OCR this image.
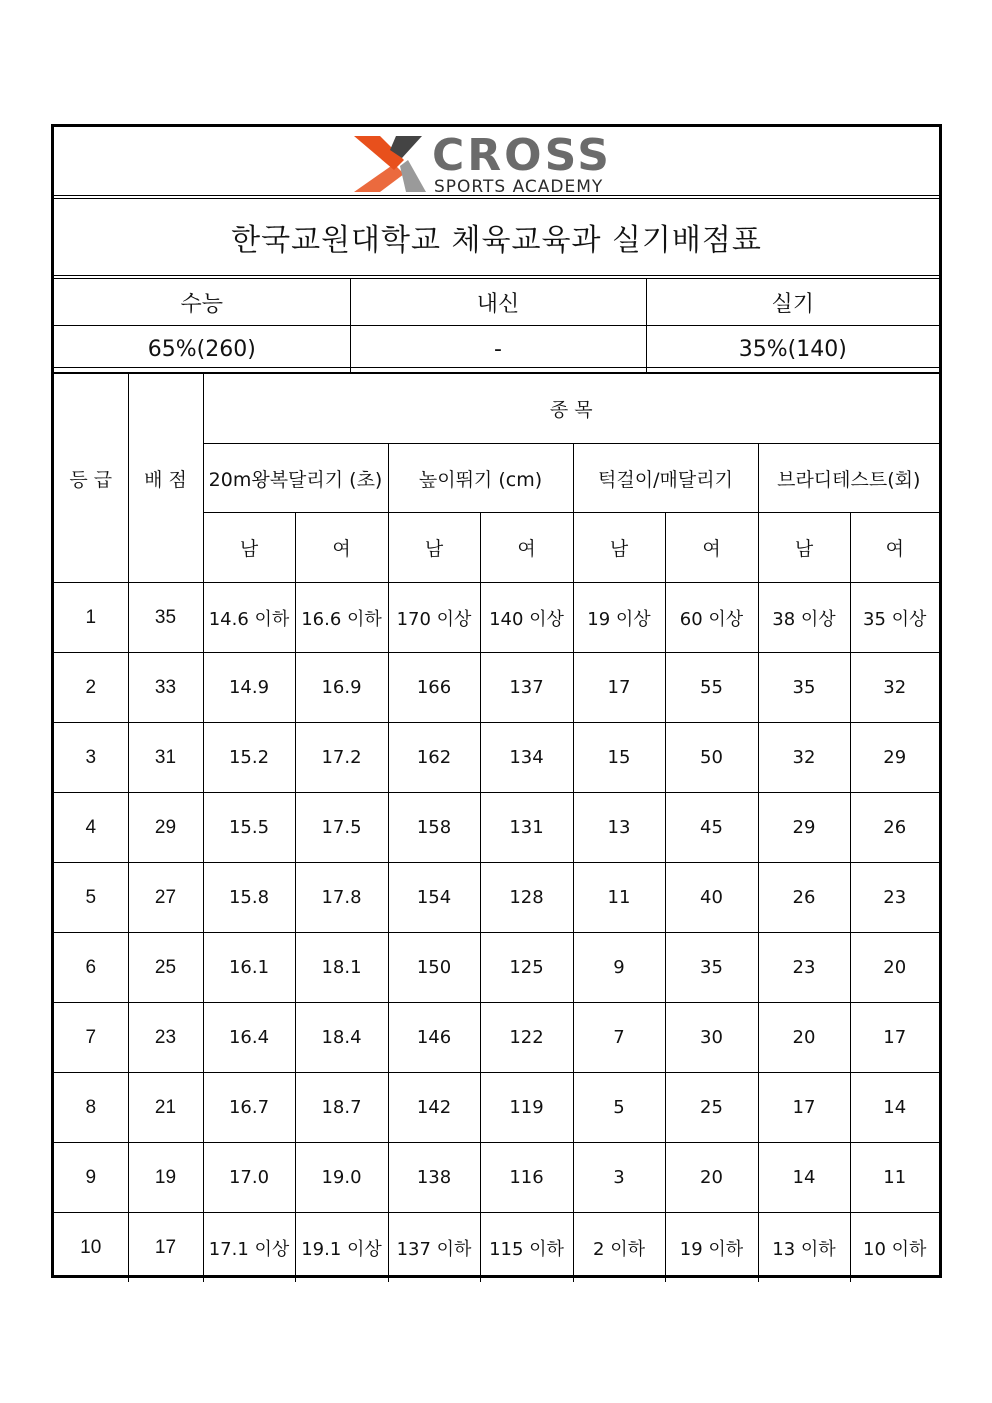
CROSS
SPORTS ACADEMY
한국교원대학교 체육교육과 실기배점표
수능	내신	실기
65%(260)	-	35%(140)
등 급	배 점	종 목							
		20m왕복달리기 (초)		높이뛰기 (cm)		턱걸이/매달리기		브라디테스트(회)	
		남	여	남	여	남	여	남	여
1	35	14.6 이하	16.6 이하	170 이상	140 이상	19 이상	60 이상	38 이상	35 이상
2	33	14.9	16.9	166	137	17	55	35	32
3	31	15.2	17.2	162	134	15	50	32	29
4	29	15.5	17.5	158	131	13	45	29	26
5	27	15.8	17.8	154	128	11	40	26	23
6	25	16.1	18.1	150	125	9	35	23	20
7	23	16.4	18.4	146	122	7	30	20	17
8	21	16.7	18.7	142	119	5	25	17	14
9	19	17.0	19.0	138	116	3	20	14	11
10	17	17.1 이상	19.1 이상	137 이하	115 이하	2 이하	19 이하	13 이하	10 이하
